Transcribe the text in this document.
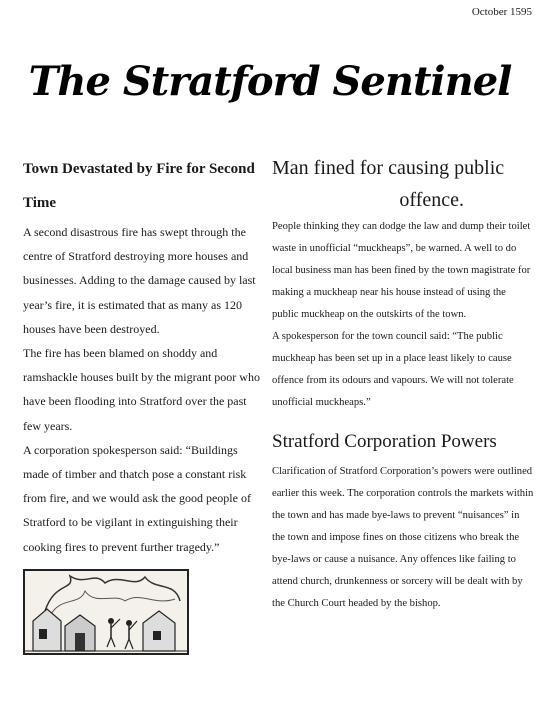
October 1595
The Stratford Sentinel
Town Devastated by Fire for Second Time

A second disastrous fire has swept through the centre of Stratford destroying more houses and businesses. Adding to the damage caused by last year’s fire, it is estimated that as many as 120 houses have been destroyed.

The fire has been blamed on shoddy and ramshackle houses built by the migrant poor who have been flooding into Stratford over the past few years.

A corporation spokesperson said: “Buildings made of timber and thatch pose a constant risk from fire, and we would ask the good people of Stratford to be vigilant in extinguishing their cooking fires to prevent further tragedy.”

Man fined for causing public
offence.

People thinking they can dodge the law and dump their toilet waste in unofficial “muckheaps”, be warned. A well to do local business man has been fined by the town magistrate for making a muckheap near his house instead of using the public muckheap on the outskirts of the town.

A spokesperson for the town council said: “The public muckheap has been set up in a place least likely to cause offence from its odours and vapours. We will not tolerate unofficial muckheaps.”

Stratford Corporation Powers

Clarification of Stratford Corporation’s powers were outlined earlier this week. The corporation controls the markets within the town and has made bye-laws to prevent “nuisances” in the town and impose fines on those citizens who break the bye-laws or cause a nuisance. Any offences like failing to attend church, drunkenness or sorcery will be dealt with by the Church Court headed by the bishop.
